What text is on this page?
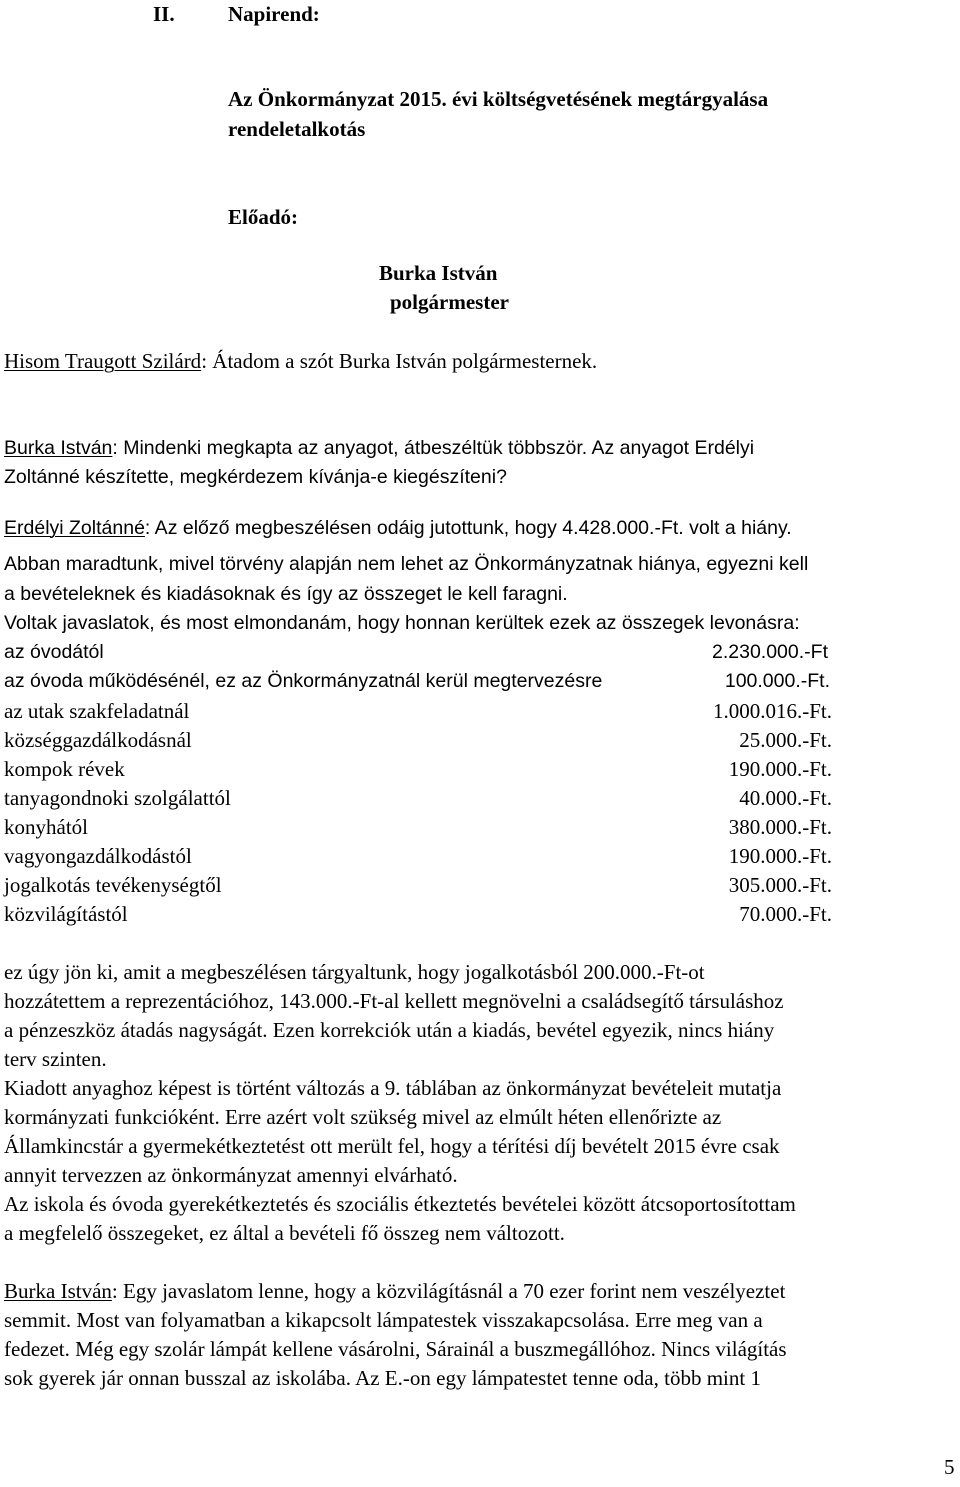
II.	Napirend:
Az Önkormányzat 2015. évi költségvetésének megtárgyalása
rendeletalkotás
Előadó:
Burka István
polgármester
Hisom Traugott Szilárd: Átadom a szót Burka István polgármesternek.
Burka István: Mindenki megkapta az anyagot, átbeszéltük többször. Az anyagot Erdélyi
Zoltánné készítette, megkérdezem kívánja-e kiegészíteni?
Erdélyi Zoltánné: Az előző megbeszélésen odáig jutottunk, hogy 4.428.000.-Ft. volt a hiány.
Abban maradtunk, mivel törvény alapján nem lehet az Önkormányzatnak hiánya, egyezni kell
a bevételeknek és kiadásoknak és így az összeget le kell faragni.
Voltak javaslatok, és most elmondanám, hogy honnan kerültek ezek az összegek levonásra:
az óvodától	2.230.000.-Ft
az óvoda működésénél, ez az Önkormányzatnál kerül megtervezésre	100.000.-Ft.
az utak szakfeladatnál	1.000.016.-Ft.
községgazdálkodásnál	25.000.-Ft.
kompok révek	190.000.-Ft.
tanyagondnoki szolgálattól	40.000.-Ft.
konyhától	380.000.-Ft.
vagyongazdálkodástól	190.000.-Ft.
jogalkotás tevékenységtől	305.000.-Ft.
közvilágítástól	70.000.-Ft.
ez úgy jön ki, amit a megbeszélésen tárgyaltunk, hogy jogalkotásból 200.000.-Ft-ot
hozzátettem a reprezentációhoz, 143.000.-Ft-al kellett megnövelni a családsegítő társuláshoz
a pénzeszköz átadás nagyságát. Ezen korrekciók után a kiadás, bevétel egyezik, nincs hiány
terv szinten.
Kiadott anyaghoz képest is történt változás a 9. táblában az önkormányzat bevételeit mutatja
kormányzati funkcióként. Erre azért volt szükség mivel az elmúlt héten ellenőrizte az
Államkincstár a gyermekétkeztetést ott merült fel, hogy a térítési díj bevételt 2015 évre csak
annyit tervezzen az önkormányzat amennyi elvárható.
Az iskola és óvoda gyerekétkeztetés és szociális étkeztetés bevételei között átcsoportosítottam
a megfelelő összegeket, ez által a bevételi fő összeg nem változott.
Burka István: Egy javaslatom lenne, hogy a közvilágításnál a 70 ezer forint nem veszélyeztet
semmit. Most van folyamatban a kikapcsolt lámpatestek visszakapcsolása. Erre meg van a
fedezet. Még egy szolár lámpát kellene vásárolni, Sárainál a buszmegállóhoz. Nincs világítás
sok gyerek jár onnan busszal az iskolába. Az E.-on egy lámpatestet tenne oda, több mint 1
5
